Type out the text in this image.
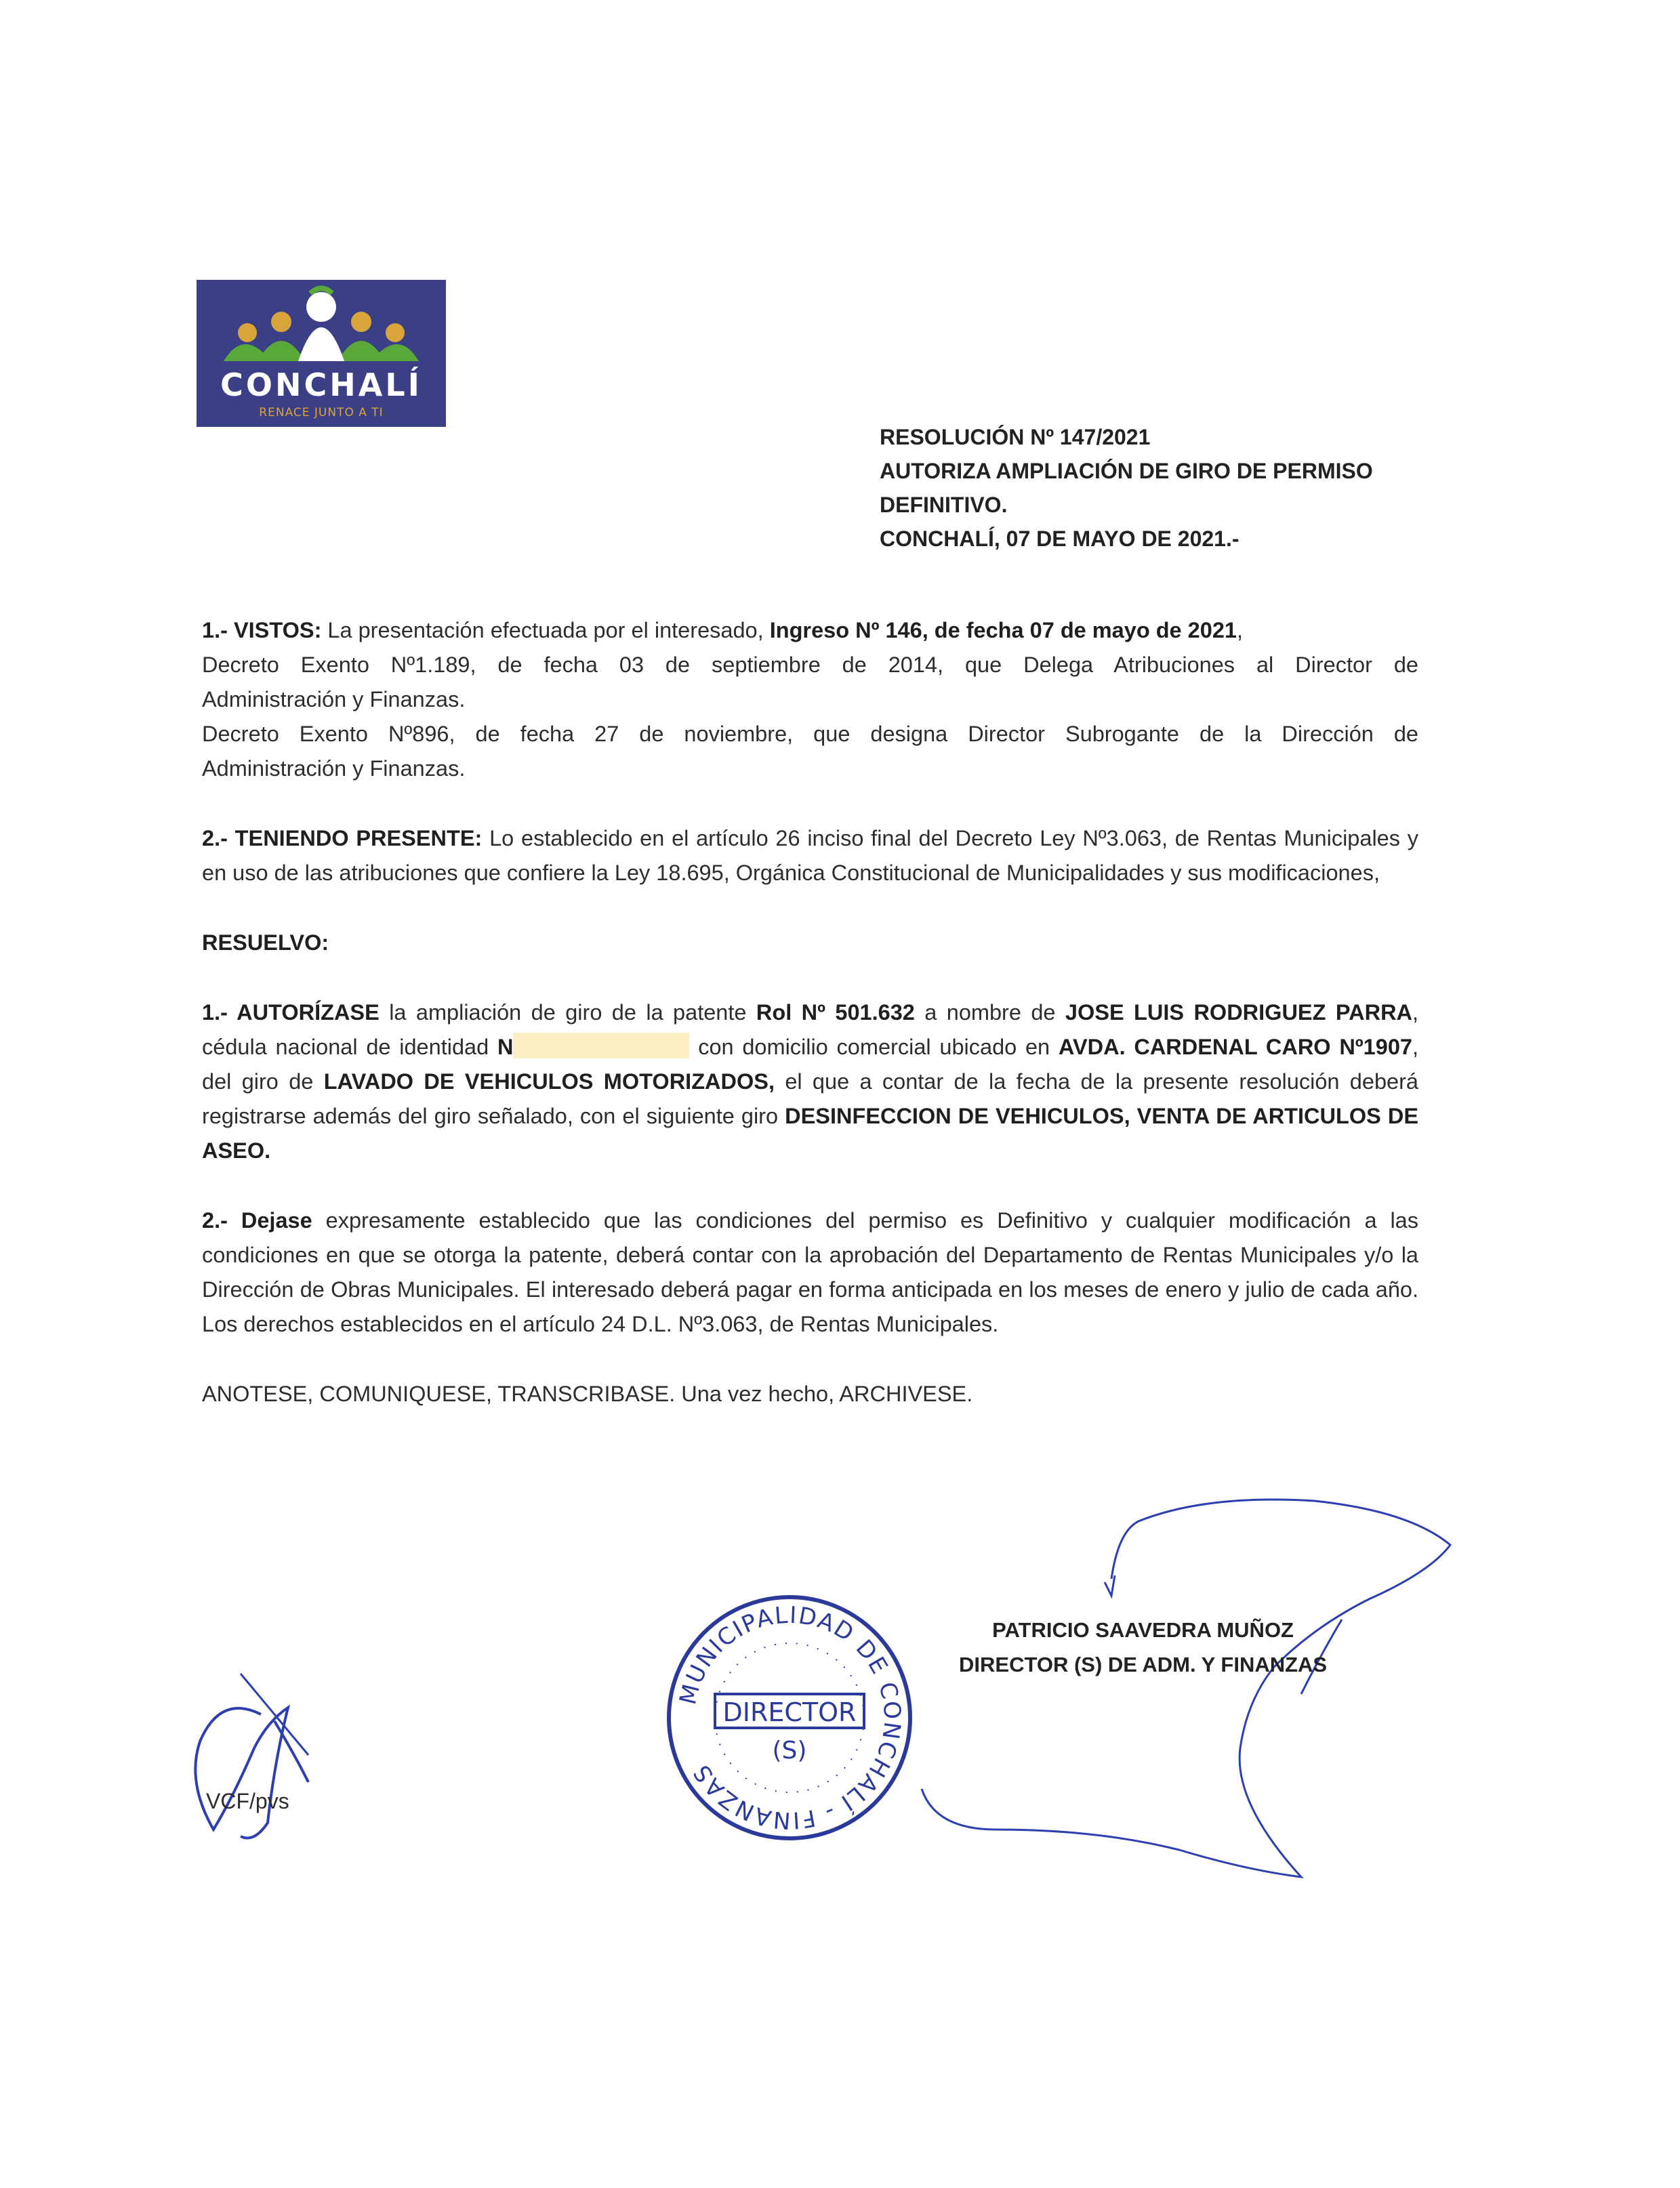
CONCHALÍ
RENACE JUNTO A TI
RESOLUCIÓN Nº 147/2021
AUTORIZA AMPLIACIÓN DE GIRO DE PERMISO
DEFINITIVO.
CONCHALÍ, 07 DE MAYO DE 2021.-
1.- VISTOS: La presentación efectuada por el interesado, Ingreso Nº 146, de fecha 07 de mayo de 2021,
Decreto Exento Nº1.189, de fecha 03 de septiembre de 2014, que Delega Atribuciones al Director de
Administración y Finanzas.
Decreto Exento Nº896, de fecha 27 de noviembre, que designa Director Subrogante de la Dirección de
Administración y Finanzas.

2.- TENIENDO PRESENTE: Lo establecido en el artículo 26 inciso final del Decreto Ley Nº3.063, de Rentas Municipales y en uso de las atribuciones que confiere la Ley 18.695, Orgánica Constitucional de Municipalidades y sus modificaciones,

RESUELVO:

1.- AUTORÍZASE la ampliación de giro de la patente Rol Nº 501.632 a nombre de JOSE LUIS RODRIGUEZ PARRA, cédula nacional de identidad N	con domicilio comercial ubicado en AVDA. CARDENAL CARO Nº1907, del giro de LAVADO DE VEHICULOS MOTORIZADOS, el que a contar de la fecha de la presente resolución deberá registrarse además del giro señalado, con el siguiente giro DESINFECCION DE VEHICULOS, VENTA DE ARTICULOS DE ASEO.

2.- Dejase expresamente establecido que las condiciones del permiso es Definitivo y cualquier modificación a las condiciones en que se otorga la patente, deberá contar con la aprobación del Departamento de Rentas Municipales y/o la Dirección de Obras Municipales. El interesado deberá pagar en forma anticipada en los meses de enero y julio de cada año. Los derechos establecidos en el artículo 24 D.L. Nº3.063, de Rentas Municipales.

ANOTESE, COMUNIQUESE, TRANSCRIBASE. Una vez hecho, ARCHIVESE.
PATRICIO SAAVEDRA MUÑOZ
DIRECTOR (S) DE ADM. Y FINANZAS
MUNICIPALIDAD DE CONCHALÍ - FINANZAS
DIRECTOR
(S)
VCF/pvs
